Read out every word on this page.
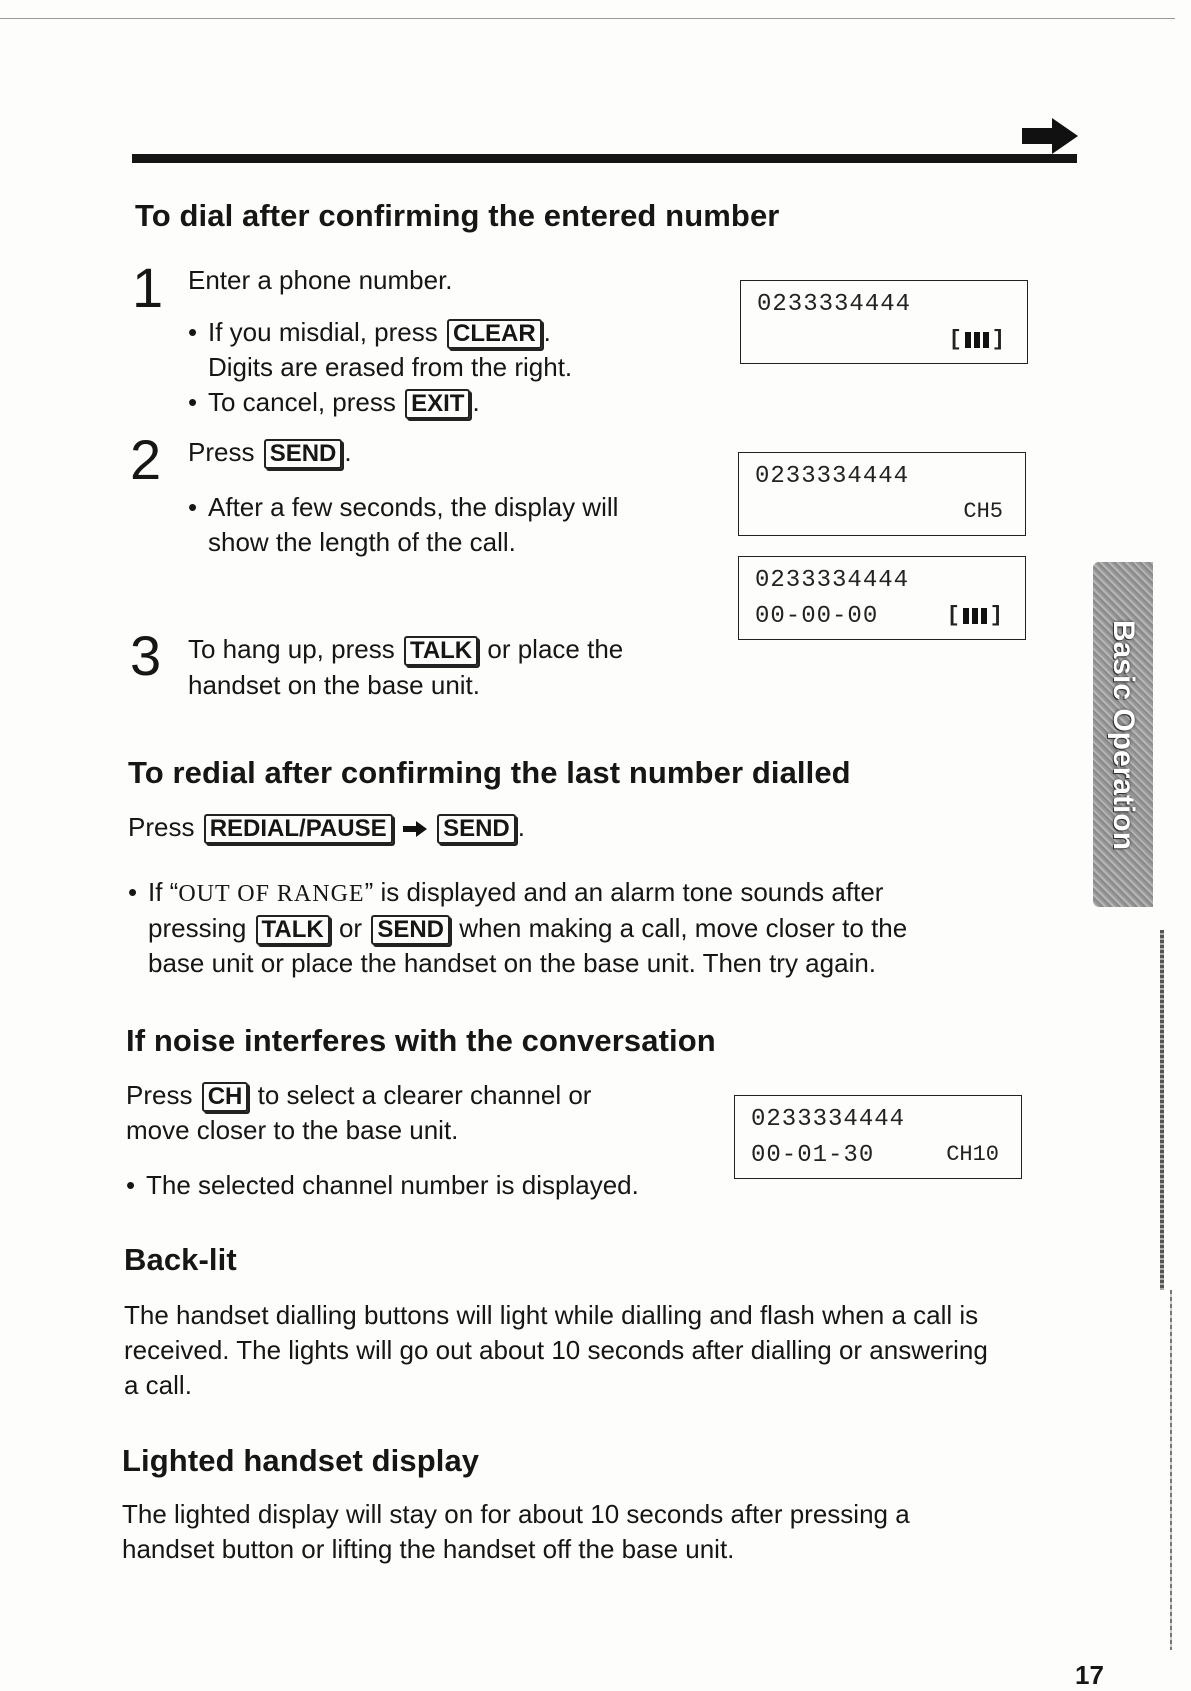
To dial after confirming the entered number
1 Enter a phone number.
• If you misdial, press CLEAR .
Digits are erased from the right.
• To cancel, press EXIT .
2 Press SEND .
• After a few seconds, the display will
show the length of the call.
3 To hang up, press TALK or place the
handset on the base unit.
0233334444
[ ]
0233334444
CH5
0233334444
00-00-00	[ ]
To redial after confirming the last number dialled
Press REDIAL/PAUSE SEND .
• If “OUT OF RANGE” is displayed and an alarm tone sounds after
pressing TALK or SEND when making a call, move closer to the
base unit or place the handset on the base unit. Then try again.
If noise interferes with the conversation
Press CH to select a clearer channel or
move closer to the base unit.
• The selected channel number is displayed.
0233334444
00-01-30	CH10
Back-lit
The handset dialling buttons will light while dialling and flash when a call is
received. The lights will go out about 10 seconds after dialling or answering
a call.
Lighted handset display
The lighted display will stay on for about 10 seconds after pressing a
handset button or lifting the handset off the base unit.
Basic Operation
17
